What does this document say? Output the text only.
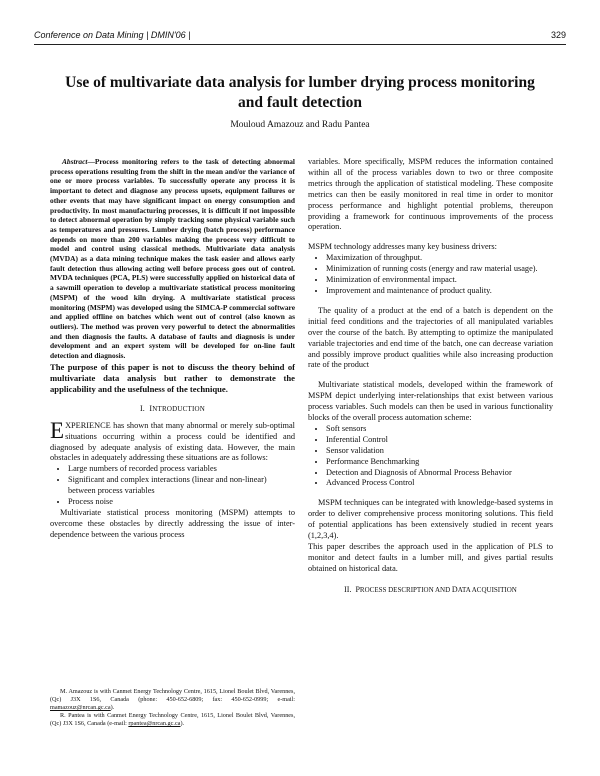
Conference on Data Mining | DMIN'06 |	329
Use of multivariate data analysis for lumber drying process monitoring and fault detection
Mouloud Amazouz and Radu Pantea

Abstract—Process monitoring refers to the task of detecting abnormal process operations resulting from the shift in the mean and/or the variance of one or more process variables. To successfully operate any process it is important to detect and diagnose any process upsets, equipment failures or other events that may have significant impact on energy consumption and productivity. In most manufacturing processes, it is difficult if not impossible to detect abnormal operation by simply tracking some physical variable such as temperatures and pressures. Lumber drying (batch process) performance depends on more than 200 variables making the process very difficult to model and control using classical methods. Multivariate data analysis (MVDA) as a data mining technique makes the task easier and allows early fault detection thus allowing acting well before process goes out of control. MVDA techniques (PCA, PLS) were successfully applied on historical data of a sawmill operation to develop a multivariate statistical process monitoring (MSPM) of the wood kiln drying. A multivariate statistical process monitoring (MSPM) was developed using the SIMCA-P commercial software and applied offline on batches which went out of control (also known as outliers). The method was proven very powerful to detect the abnormalities and then diagnosis the faults. A database of faults and diagnosis is under development and an expert system will be developed for on-line fault detection and diagnosis.

The purpose of this paper is not to discuss the theory behind of multivariate data analysis but rather to demonstrate the applicability and the usefulness of the technique.

I. INTRODUCTION

EXPERIENCE has shown that many abnormal or merely sub-optimal situations occurring within a process could be identified and diagnosed by adequate analysis of existing data. However, the main obstacles in adequately addressing these situations are as follows:

• Large numbers of recorded process variables
• Significant and complex interactions (linear and non-linear) between process variables
• Process noise

Multivariate statistical process monitoring (MSPM) attempts to overcome these obstacles by directly addressing the issue of inter-dependence between the various process

M. Amazouz is with Canmet Energy Technology Centre, 1615, Lionel Boulet Blvd, Varennes, (Qc) J3X 1S6, Canada (phone: 450-652-6809; fax: 450-652-0999; e-mail: mamazouz@nrcan.gc.ca).

R. Pantea is with Canmet Energy Technology Centre, 1615, Lionel Boulet Blvd, Varennes, (Qc) J3X 1S6, Canada (e-mail: rpantea@nrcan.gc.ca).

variables. More specifically, MSPM reduces the information contained within all of the process variables down to two or three composite metrics through the application of statistical modeling. These composite metrics can then be easily monitored in real time in order to monitor process performance and highlight potential problems, thereupon providing a framework for continuous improvements of the process operation.

MSPM technology addresses many key business drivers:

• Maximization of throughput.
• Minimization of running costs (energy and raw material usage).
• Minimization of environmental impact.
• Improvement and maintenance of product quality.

The quality of a product at the end of a batch is dependent on the initial feed conditions and the trajectories of all manipulated variables over the course of the batch. By attempting to optimize the manipulated variable trajectories and end time of the batch, one can decrease variation and possibly improve product qualities while also increasing production rate of the product

Multivariate statistical models, developed within the framework of MSPM depict underlying inter-relationships that exist between various process variables. Such models can then be used in various functionality blocks of the overall process automation scheme:

• Soft sensors
• Inferential Control
• Sensor validation
• Performance Benchmarking
• Detection and Diagnosis of Abnormal Process Behavior
• Advanced Process Control

MSPM techniques can be integrated with knowledge-based systems in order to deliver comprehensive process monitoring solutions. This field of potential applications has been extensively studied in recent years (1,2,3,4).

This paper describes the approach used in the application of PLS to monitor and detect faults in a lumber mill, and gives partial results obtained on historical data.

II. PROCESS DESCRIPTION AND DATA ACQUISITION
